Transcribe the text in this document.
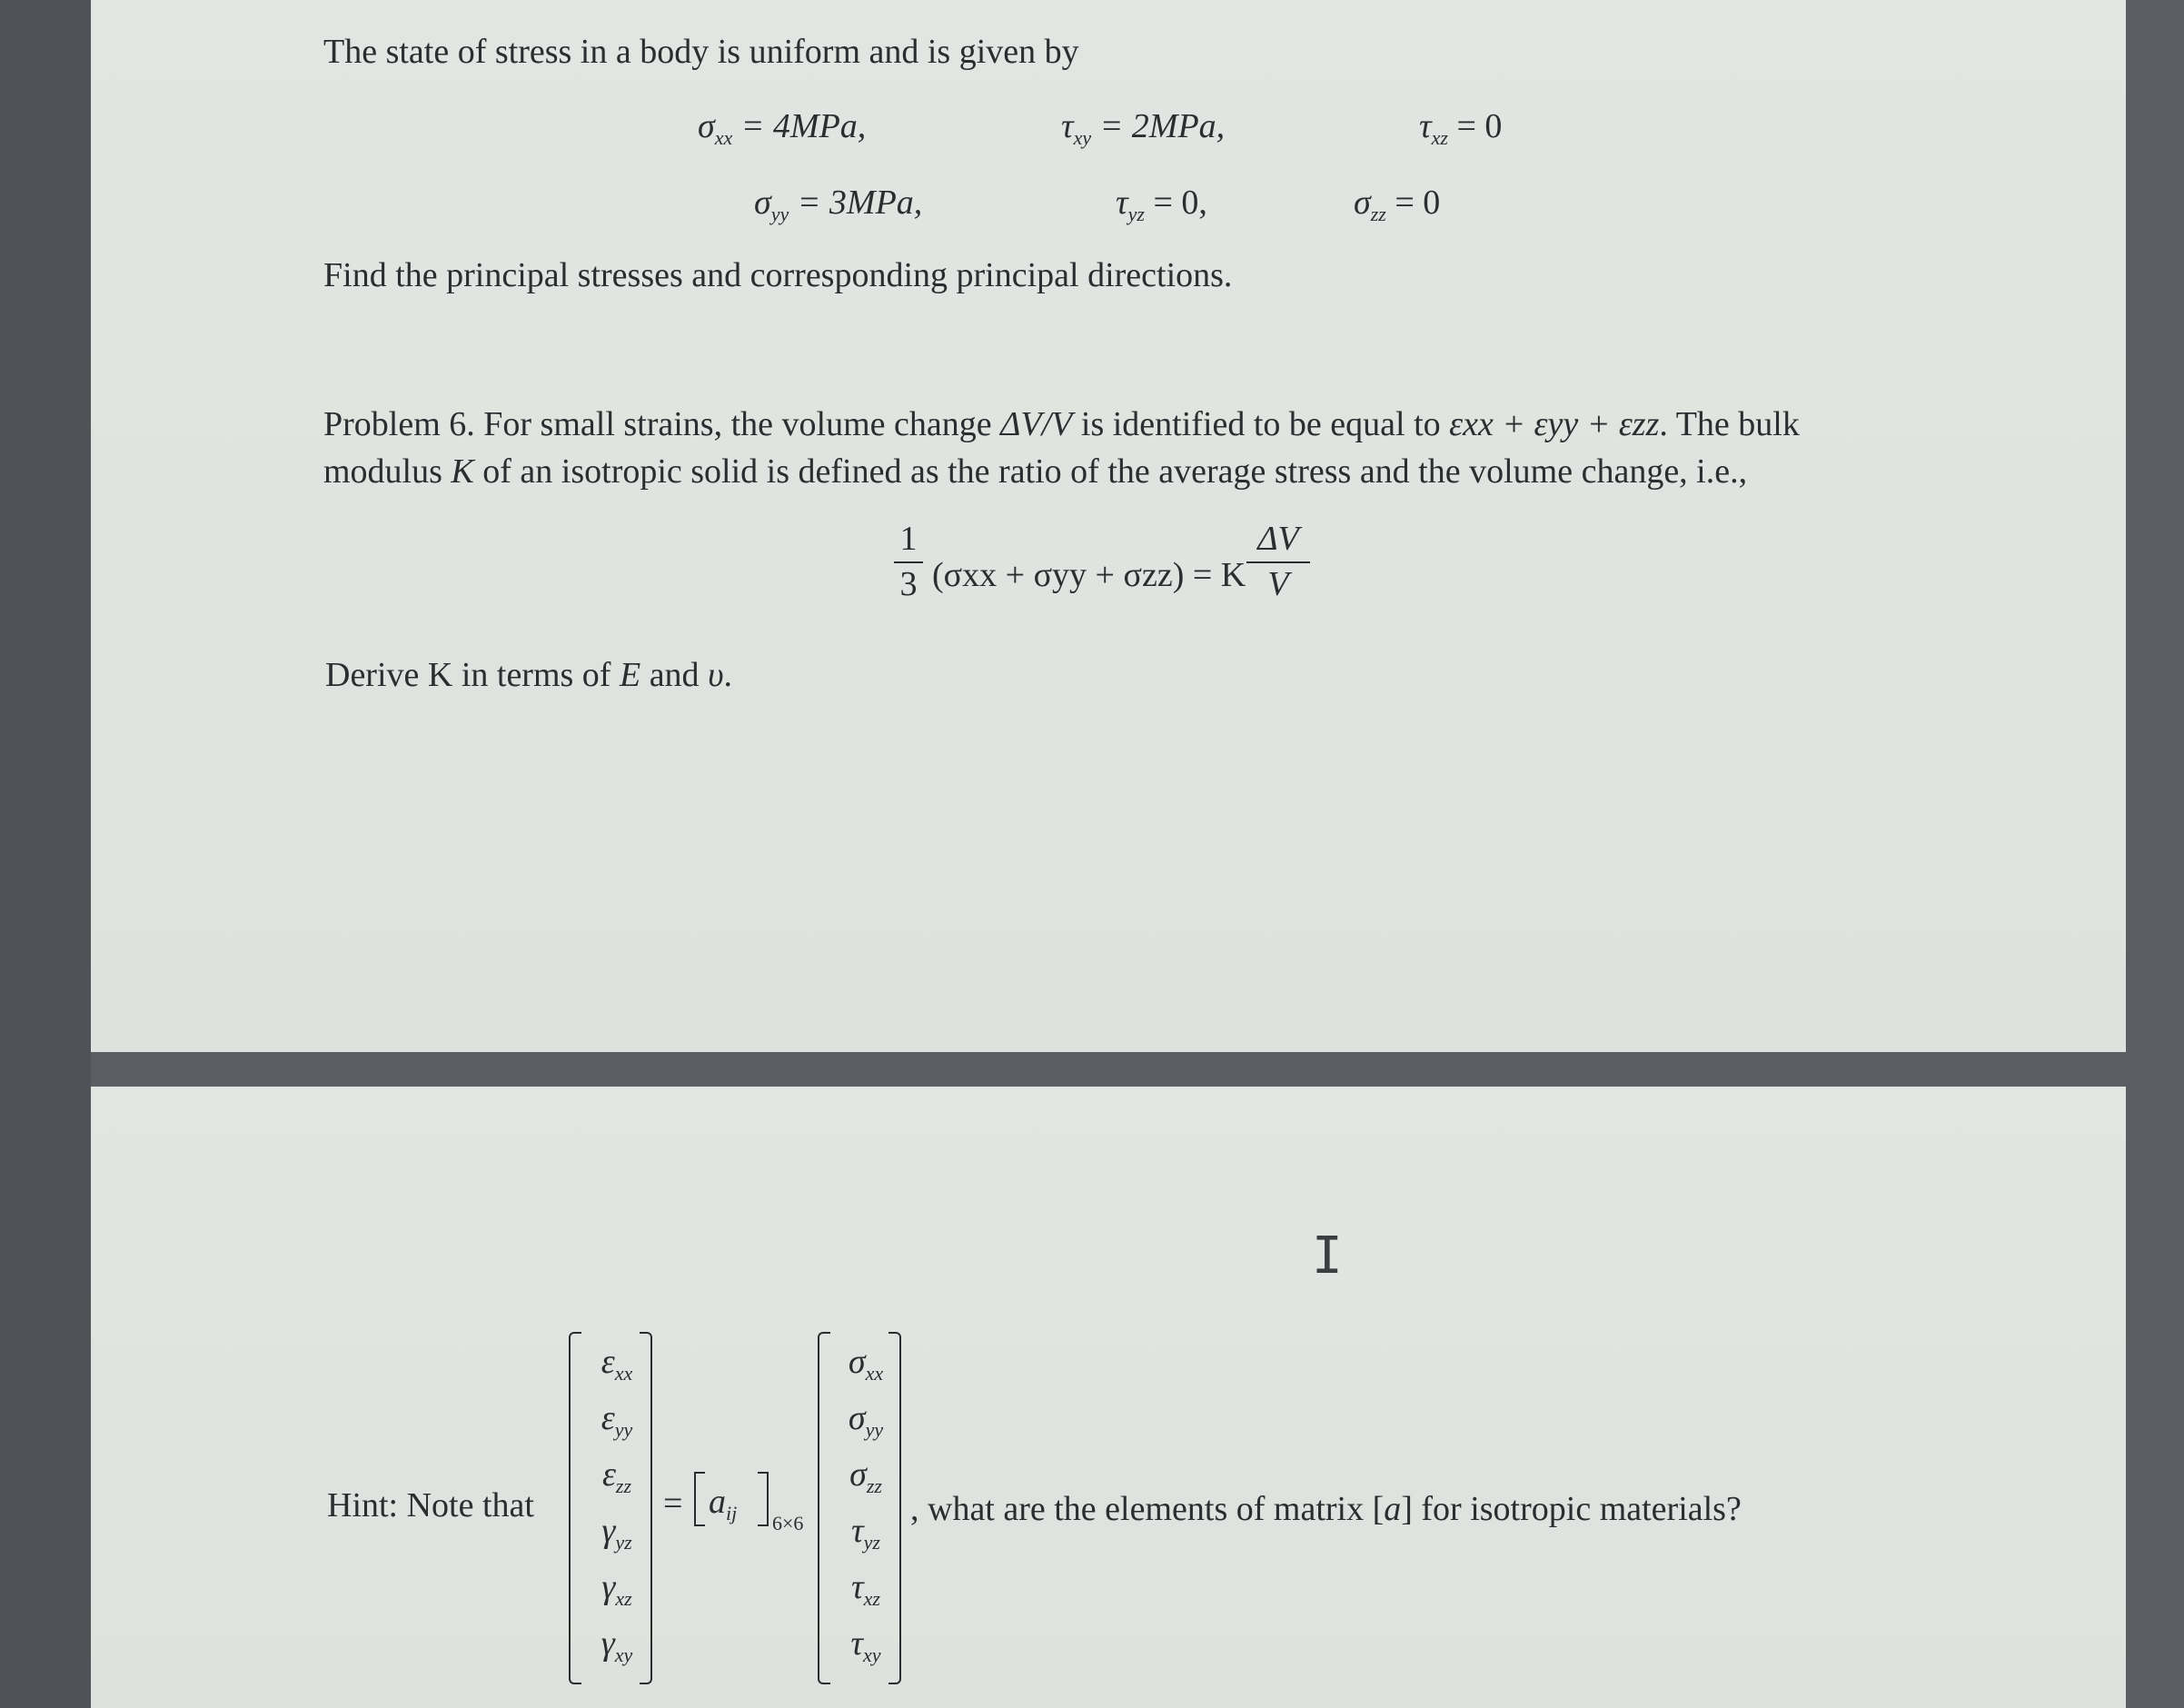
The state of stress in a body is uniform and is given by
$\sigma_{xx} = 4MPa$,	$\tau_{xy} = 2MPa$,	$\tau_{xz} = 0$
$\sigma_{yy} = 3MPa$,	$\tau_{yz} = 0$,	$\sigma_{zz} = 0$
Find the principal stresses and corresponding principal directions.
Problem 6. For small strains, the volume change ΔV/V is identified to be equal to εxx + εyy + εzz. The bulk
modulus K of an isotropic solid is defined as the ratio of the average stress and the volume change, i.e.,
1
3 (σxx + σyy + σzz) = K
ΔV
V
Derive K in terms of E and υ.
I
Hint: Note that
$\varepsilon_{xx}$
$\varepsilon_{yy}$
$\varepsilon_{zz}$
$\gamma_{yz}$
$\gamma_{xz}$
$\gamma_{xy}$
= $a_{ij}$ 6×6
$\sigma_{xx}$
$\sigma_{yy}$
$\sigma_{zz}$
$\tau_{yz}$
$\tau_{xz}$
$\tau_{xy}$
, what are the elements of matrix [a] for isotropic materials?
